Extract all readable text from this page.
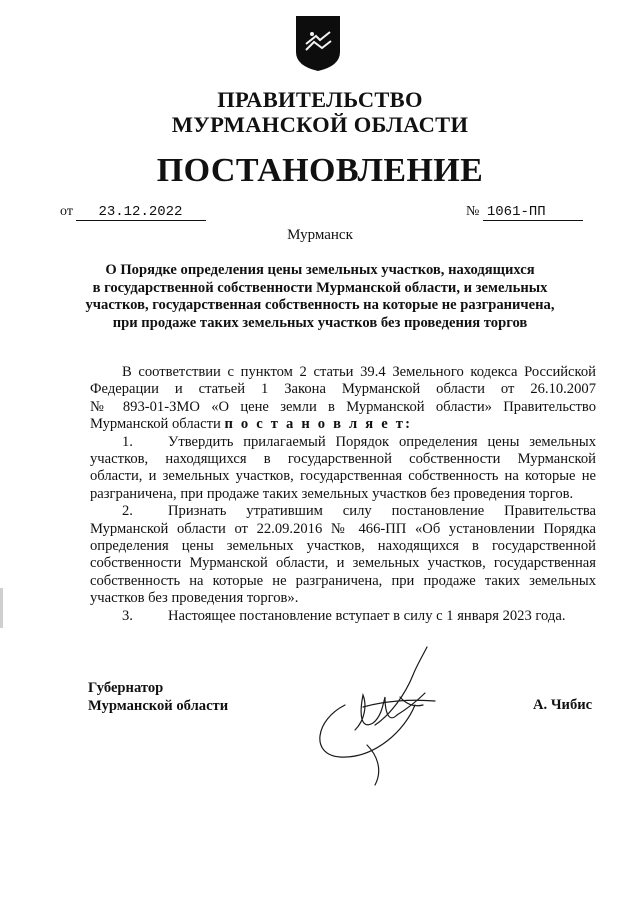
ПРАВИТЕЛЬСТВО
МУРМАНСКОЙ ОБЛАСТИ
ПОСТАНОВЛЕНИЕ
от 23.12.2022	№ 1061-ПП
Мурманск
О Порядке определения цены земельных участков, находящихся
в государственной собственности Мурманской области, и земельных
участков, государственная собственность на которые не разграничена,
при продаже таких земельных участков без проведения торгов
В соответствии с пунктом 2 статьи 39.4 Земельного кодекса Российской
Федерации и статьей 1 Закона Мурманской области от 26.10.2007
№ 893-01-ЗМО «О цене земли в Мурманской области» Правительство
Мурманской области п о с т а н о в л я е т:
1. Утвердить прилагаемый Порядок определения цены земельных
участков, находящихся в государственной собственности Мурманской
области, и земельных участков, государственная собственность на которые не
разграничена, при продаже таких земельных участков без проведения торгов.
2. Признать утратившим силу постановление Правительства
Мурманской области от 22.09.2016 № 466-ПП «Об установлении Порядка
определения цены земельных участков, находящихся в государственной
собственности Мурманской области, и земельных участков, государственная
собственность на которые не разграничена, при продаже таких земельных
участков без проведения торгов».
3. Настоящее постановление вступает в силу с 1 января 2023 года.
Губернатор
Мурманской области	А. Чибис
